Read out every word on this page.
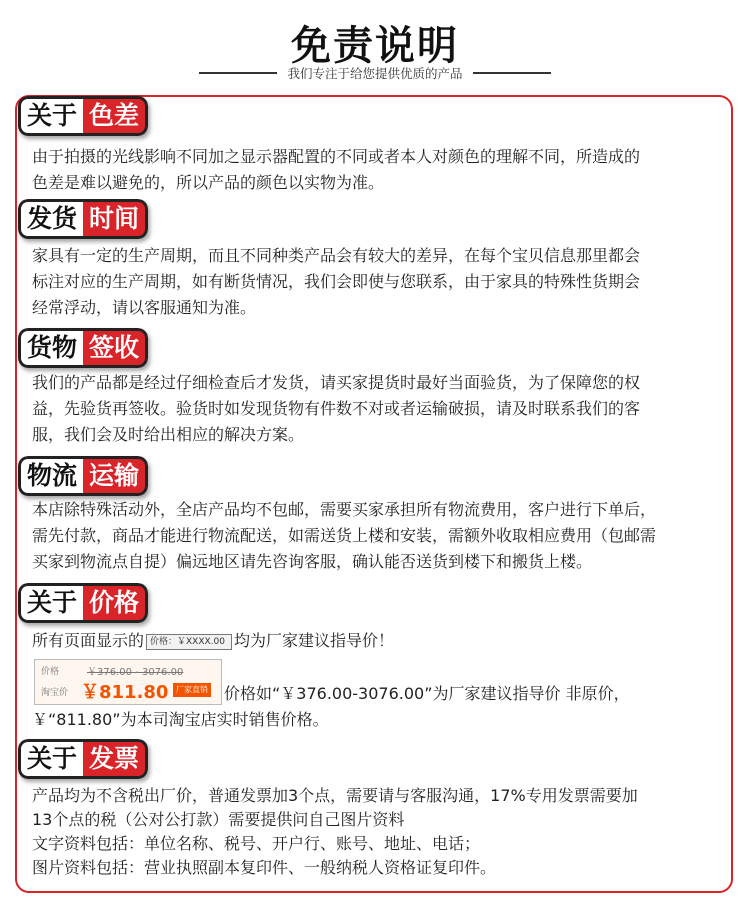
免责说明
我们专注于给您提供优质的产品
关于 色差
由于拍摄的光线影响不同加之显示器配置的不同或者本人对颜色的理解不同，所造成的
色差是难以避免的，所以产品的颜色以实物为准。
发货 时间
家具有一定的生产周期，而且不同种类产品会有较大的差异，在每个宝贝信息那里都会
标注对应的生产周期，如有断货情况，我们会即使与您联系，由于家具的特殊性货期会
经常浮动，请以客服通知为准。
货物 签收
我们的产品都是经过仔细检查后才发货，请买家提货时最好当面验货，为了保障您的权
益，先验货再签收。验货时如发现货物有件数不对或者运输破损，请及时联系我们的客
服，我们会及时给出相应的解决方案。
物流 运输
本店除特殊活动外，全店产品均不包邮，需要买家承担所有物流费用，客户进行下单后，
需先付款，商品才能进行物流配送，如需送货上楼和安装，需额外收取相应费用（包邮需
买家到物流点自提）偏远地区请先咨询客服，确认能否送货到楼下和搬货上楼。
关于 价格
所有页面显示的 价格：￥XXXX.00 均为厂家建议指导价！
价格	￥376.00 - 3076.00
淘宝价 ￥811.80 厂家直销 价格如“￥376.00-3076.00”为厂家建议指导价 非原价，
￥“811.80”为本司淘宝店实时销售价格。
关于 发票
产品均为不含税出厂价，普通发票加3个点，需要请与客服沟通，17%专用发票需要加
13个点的税（公对公打款）需要提供问自己图片资料
文字资料包括：单位名称、税号、开户行、账号、地址、电话；
图片资料包括：营业执照副本复印件、一般纳税人资格证复印件。
